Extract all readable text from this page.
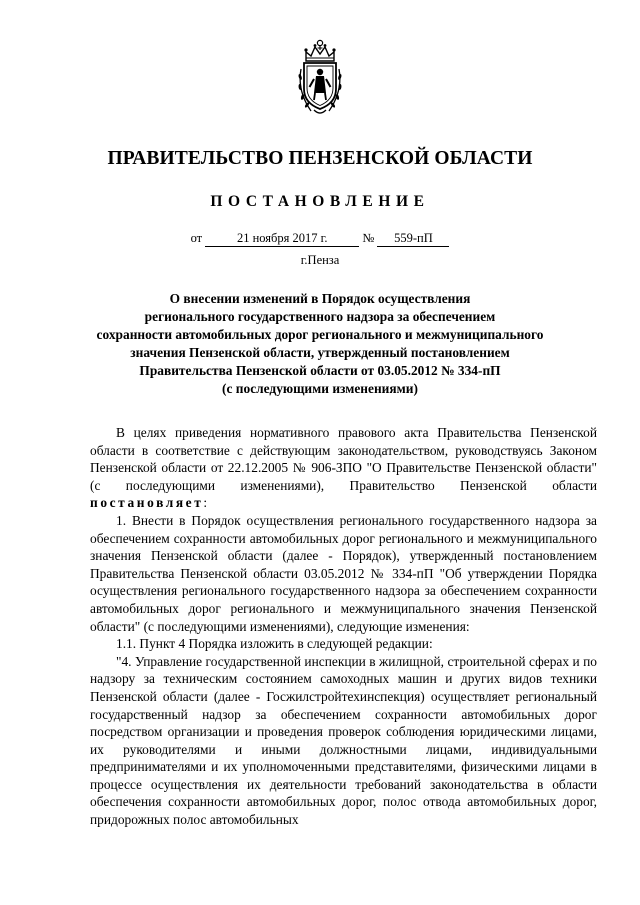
ПРАВИТЕЛЬСТВО ПЕНЗЕНСКОЙ ОБЛАСТИ
ПОСТАНОВЛЕНИЕ
от	21 ноября 2017 г.	№ 559-пП
г.Пенза
О внесении изменений в Порядок осуществления
регионального государственного надзора за обеспечением
сохранности автомобильных дорог регионального и межмуниципального
значения Пензенской области, утвержденный постановлением
Правительства Пензенской области от 03.05.2012 № 334-пП
(с последующими изменениями)

В целях приведения нормативного правового акта Правительства Пензенской области в соответствие с действующим законодательством, руководствуясь Законом Пензенской области от 22.12.2005 № 906-ЗПО "О Правительстве Пензенской области" (с последующими изменениями), Правительство Пензенской области постановляет:

1. Внести в Порядок осуществления регионального государственного надзора за обеспечением сохранности автомобильных дорог регионального и межмуниципального значения Пензенской области (далее - Порядок), утвержденный постановлением Правительства Пензенской области 03.05.2012 № 334-пП "Об утверждении Порядка осуществления регионального государственного надзора за обеспечением сохранности автомобильных дорог регионального и межмуниципального значения Пензенской области" (с последующими изменениями), следующие изменения:

1.1. Пункт 4 Порядка изложить в следующей редакции:

"4. Управление государственной инспекции в жилищной, строительной сферах и по надзору за техническим состоянием самоходных машин и других видов техники Пензенской области (далее - Госжилстройтехинспекция) осуществляет региональный государственный надзор за обеспечением сохранности автомобильных дорог посредством организации и проведения проверок соблюдения юридическими лицами, их руководителями и иными должностными лицами, индивидуальными предпринимателями и их уполномоченными представителями, физическими лицами в процессе осуществления их деятельности требований законодательства в области обеспечения сохранности автомобильных дорог, полос отвода автомобильных дорог, придорожных полос автомобильных
